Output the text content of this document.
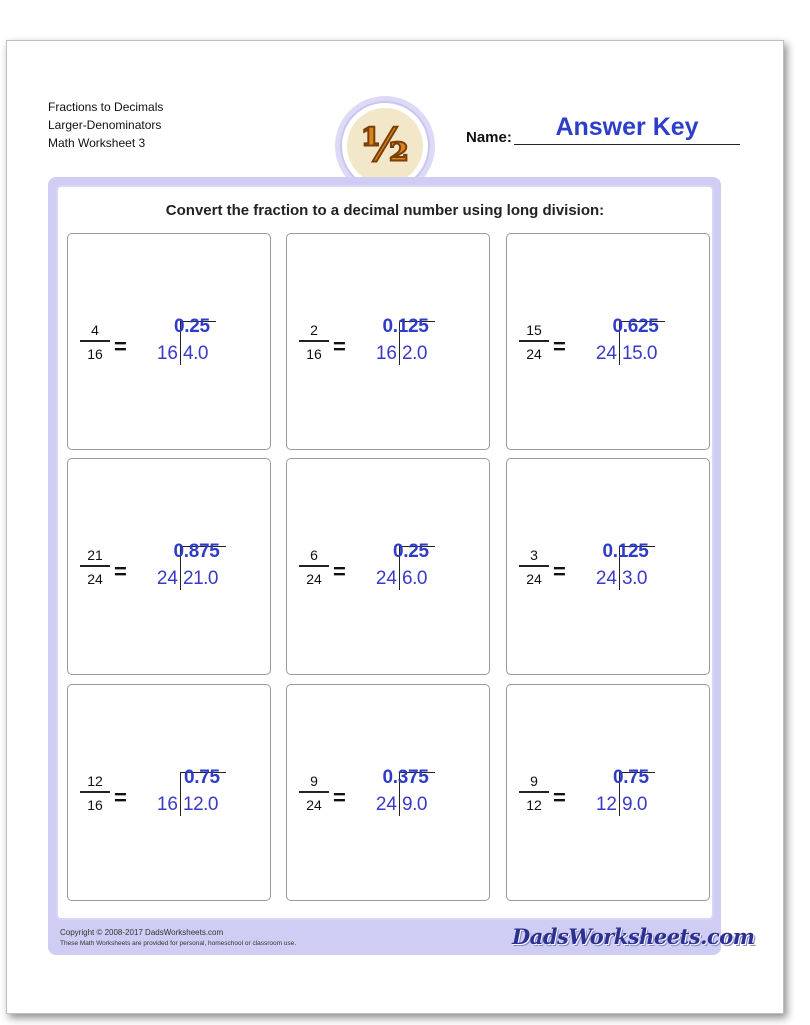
Fractions to Decimals
Larger-Denominators
Math Worksheet 3	½	Name:	Answer Key
Convert the fraction to a decimal number using long division:
4
16 =	16 4.0
0.25	2
16 =	16 2.0
0.125	15
24 =	24 15.0
0.625
21
24 =	24 21.0
0.875	6
24 =	24 6.0
0.25	3
24 =	24 3.0
0.125
12
16 =	16 12.0
0.75	9
24 =	24 9.0
0.375	9
12 =	12 9.0
0.75
Copyright © 2008-2017 DadsWorksheets.com
These Math Worksheets are provided for personal, homeschool or classroom use.	DadsWorksheets.com
